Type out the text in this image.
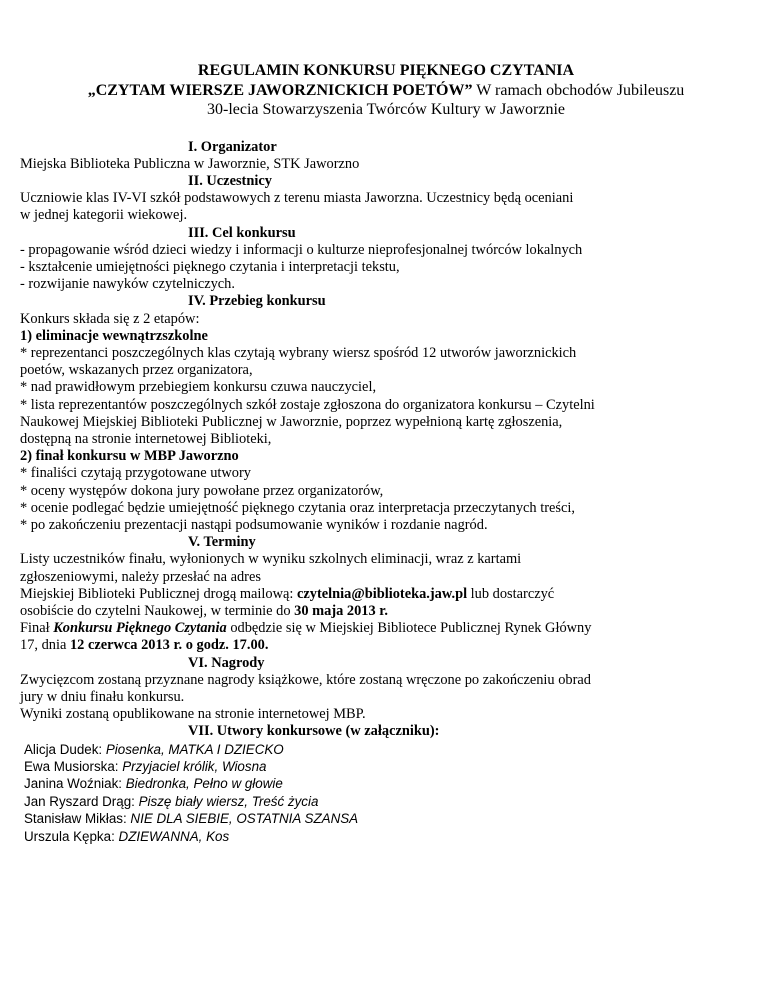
REGULAMIN KONKURSU PIĘKNEGO CZYTANIA
„CZYTAM WIERSZE JAWORZNICKICH POETÓW” W ramach obchodów Jubileuszu
30-lecia Stowarzyszenia Twórców Kultury w Jaworznie
I. Organizator
Miejska Biblioteka Publiczna w Jaworznie, STK Jaworzno
II. Uczestnicy
Uczniowie klas IV-VI szkół podstawowych z terenu miasta Jaworzna. Uczestnicy będą oceniani
w jednej kategorii wiekowej.
III. Cel konkursu
- propagowanie wśród dzieci wiedzy i informacji o kulturze nieprofesjonalnej twórców lokalnych
- kształcenie umiejętności pięknego czytania i interpretacji tekstu,
- rozwijanie nawyków czytelniczych.
IV. Przebieg konkursu
Konkurs składa się z 2 etapów:
1) eliminacje wewnątrzszkolne
* reprezentanci poszczególnych klas czytają wybrany wiersz spośród 12 utworów jaworznickich
poetów, wskazanych przez organizatora,
* nad prawidłowym przebiegiem konkursu czuwa nauczyciel,
* lista reprezentantów poszczególnych szkół zostaje zgłoszona do organizatora konkursu – Czytelni
Naukowej Miejskiej Biblioteki Publicznej w Jaworznie, poprzez wypełnioną kartę zgłoszenia,
dostępną na stronie internetowej Biblioteki,
2) finał konkursu w MBP Jaworzno
* finaliści czytają przygotowane utwory
* oceny występów dokona jury powołane przez organizatorów,
* ocenie podlegać będzie umiejętność pięknego czytania oraz interpretacja przeczytanych treści,
* po zakończeniu prezentacji nastąpi podsumowanie wyników i rozdanie nagród.
V. Terminy
Listy uczestników finału, wyłonionych w wyniku szkolnych eliminacji, wraz z kartami
zgłoszeniowymi, należy przesłać na adres
Miejskiej Biblioteki Publicznej drogą mailową: czytelnia@biblioteka.jaw.pl lub dostarczyć
osobiście do czytelni Naukowej, w terminie do 30 maja 2013 r.
Finał Konkursu Pięknego Czytania odbędzie się w Miejskiej Bibliotece Publicznej Rynek Główny
17, dnia 12 czerwca 2013 r. o godz. 17.00.
VI. Nagrody
Zwycięzcom zostaną przyznane nagrody książkowe, które zostaną wręczone po zakończeniu obrad
jury w dniu finału konkursu.
Wyniki zostaną opublikowane na stronie internetowej MBP.
VII. Utwory konkursowe (w załączniku):
Alicja Dudek: Piosenka, MATKA I DZIECKO
Ewa Musiorska: Przyjaciel królik, Wiosna
Janina Woźniak: Biedronka, Pełno w głowie
Jan Ryszard Drąg: Piszę biały wiersz, Treść życia
Stanisław Mikłas: NIE DLA SIEBIE, OSTATNIA SZANSA
Urszula Kępka: DZIEWANNA, Kos
